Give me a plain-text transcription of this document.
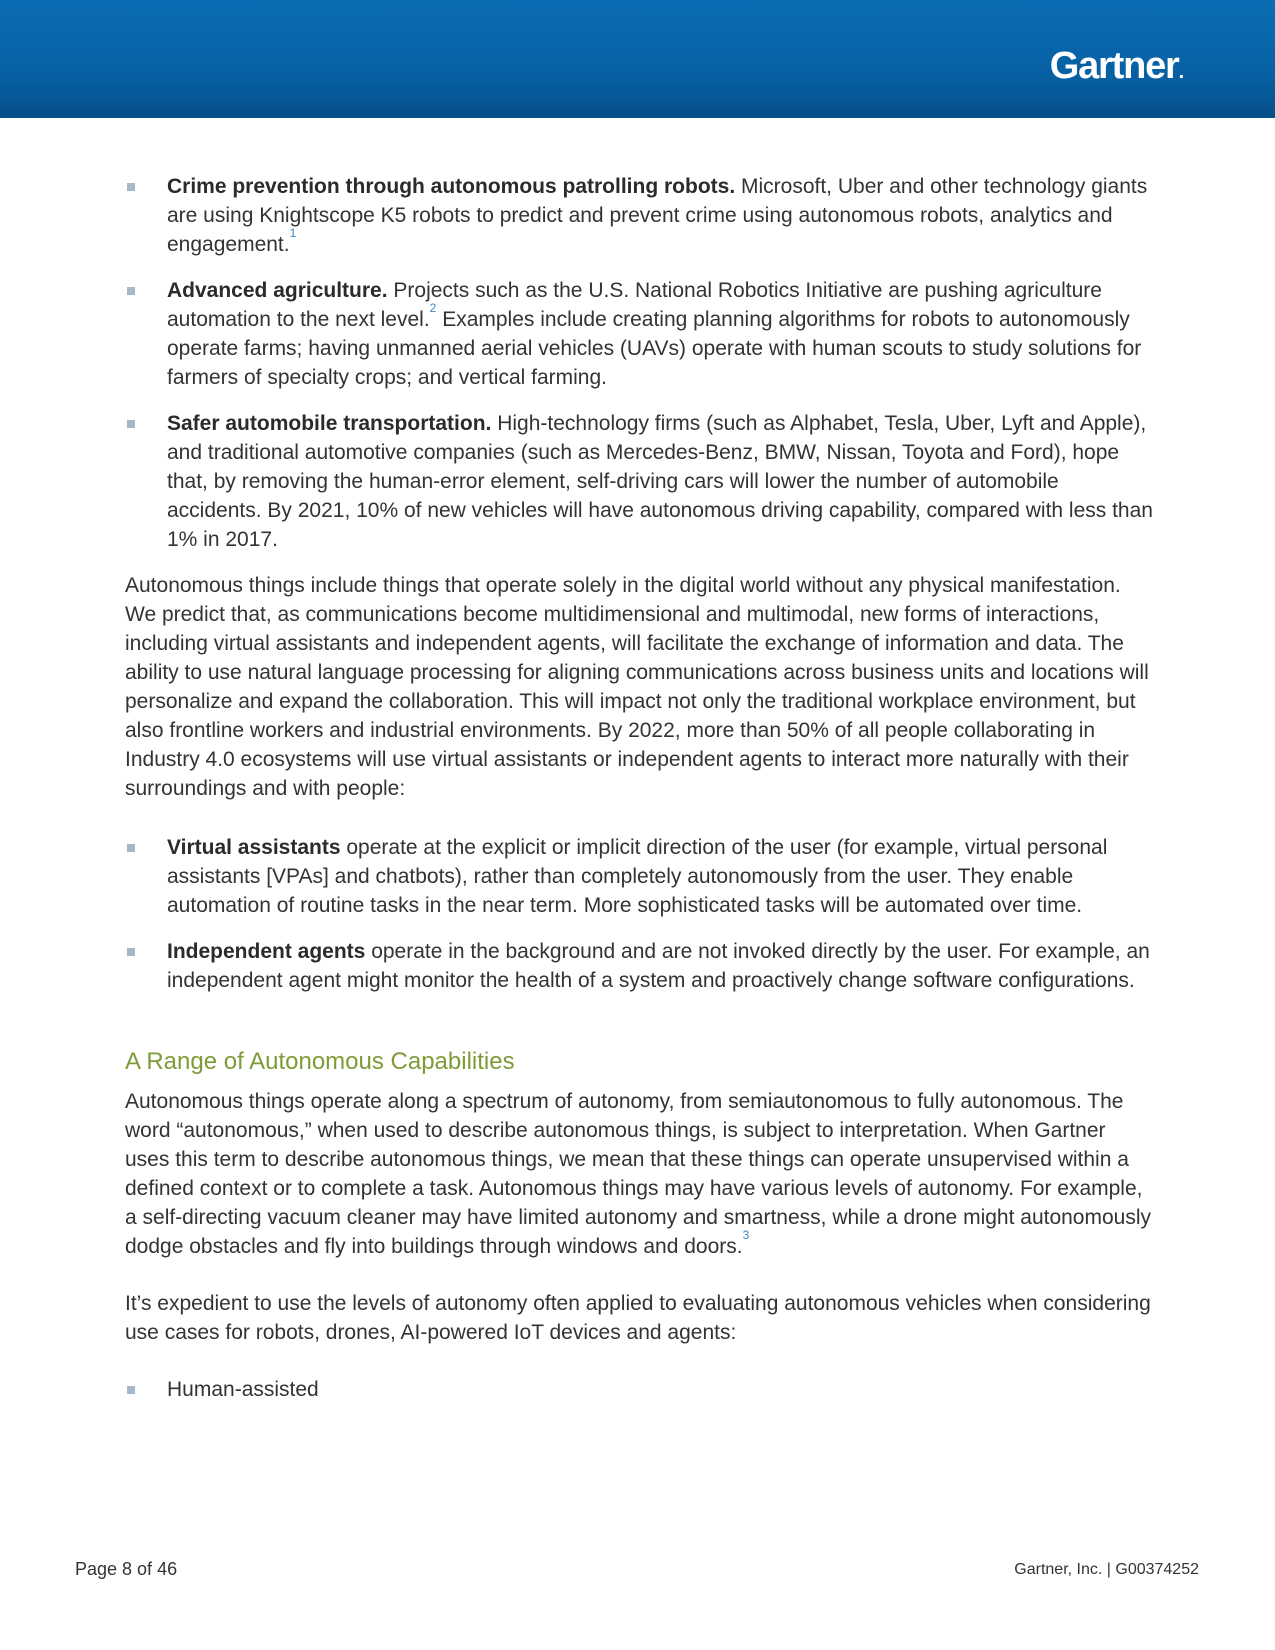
Gartner.
Crime prevention through autonomous patrolling robots. Microsoft, Uber and other technology giants are using Knightscope K5 robots to predict and prevent crime using autonomous robots, analytics and engagement.$^1$
Advanced agriculture. Projects such as the U.S. National Robotics Initiative are pushing agriculture automation to the next level.$^2$ Examples include creating planning algorithms for robots to autonomously operate farms; having unmanned aerial vehicles (UAVs) operate with human scouts to study solutions for farmers of specialty crops; and vertical farming.
Safer automobile transportation. High-technology firms (such as Alphabet, Tesla, Uber, Lyft and Apple), and traditional automotive companies (such as Mercedes-Benz, BMW, Nissan, Toyota and Ford), hope that, by removing the human-error element, self-driving cars will lower the number of automobile accidents. By 2021, 10% of new vehicles will have autonomous driving capability, compared with less than 1% in 2017.

Autonomous things include things that operate solely in the digital world without any physical manifestation. We predict that, as communications become multidimensional and multimodal, new forms of interactions, including virtual assistants and independent agents, will facilitate the exchange of information and data. The ability to use natural language processing for aligning communications across business units and locations will personalize and expand the collaboration. This will impact not only the traditional workplace environment, but also frontline workers and industrial environments. By 2022, more than 50% of all people collaborating in Industry 4.0 ecosystems will use virtual assistants or independent agents to interact more naturally with their surroundings and with people:

Virtual assistants operate at the explicit or implicit direction of the user (for example, virtual personal assistants [VPAs] and chatbots), rather than completely autonomously from the user. They enable automation of routine tasks in the near term. More sophisticated tasks will be automated over time.
Independent agents operate in the background and are not invoked directly by the user. For example, an independent agent might monitor the health of a system and proactively change software configurations.
A Range of Autonomous Capabilities

Autonomous things operate along a spectrum of autonomy, from semiautonomous to fully autonomous. The word “autonomous,” when used to describe autonomous things, is subject to interpretation. When Gartner uses this term to describe autonomous things, we mean that these things can operate unsupervised within a defined context or to complete a task. Autonomous things may have various levels of autonomy. For example, a self-directing vacuum cleaner may have limited autonomy and smartness, while a drone might autonomously dodge obstacles and fly into buildings through windows and doors.$^3$

It’s expedient to use the levels of autonomy often applied to evaluating autonomous vehicles when considering use cases for robots, drones, AI-powered IoT devices and agents:

Human-assisted
Page 8 of 46	Gartner, Inc. | G00374252
